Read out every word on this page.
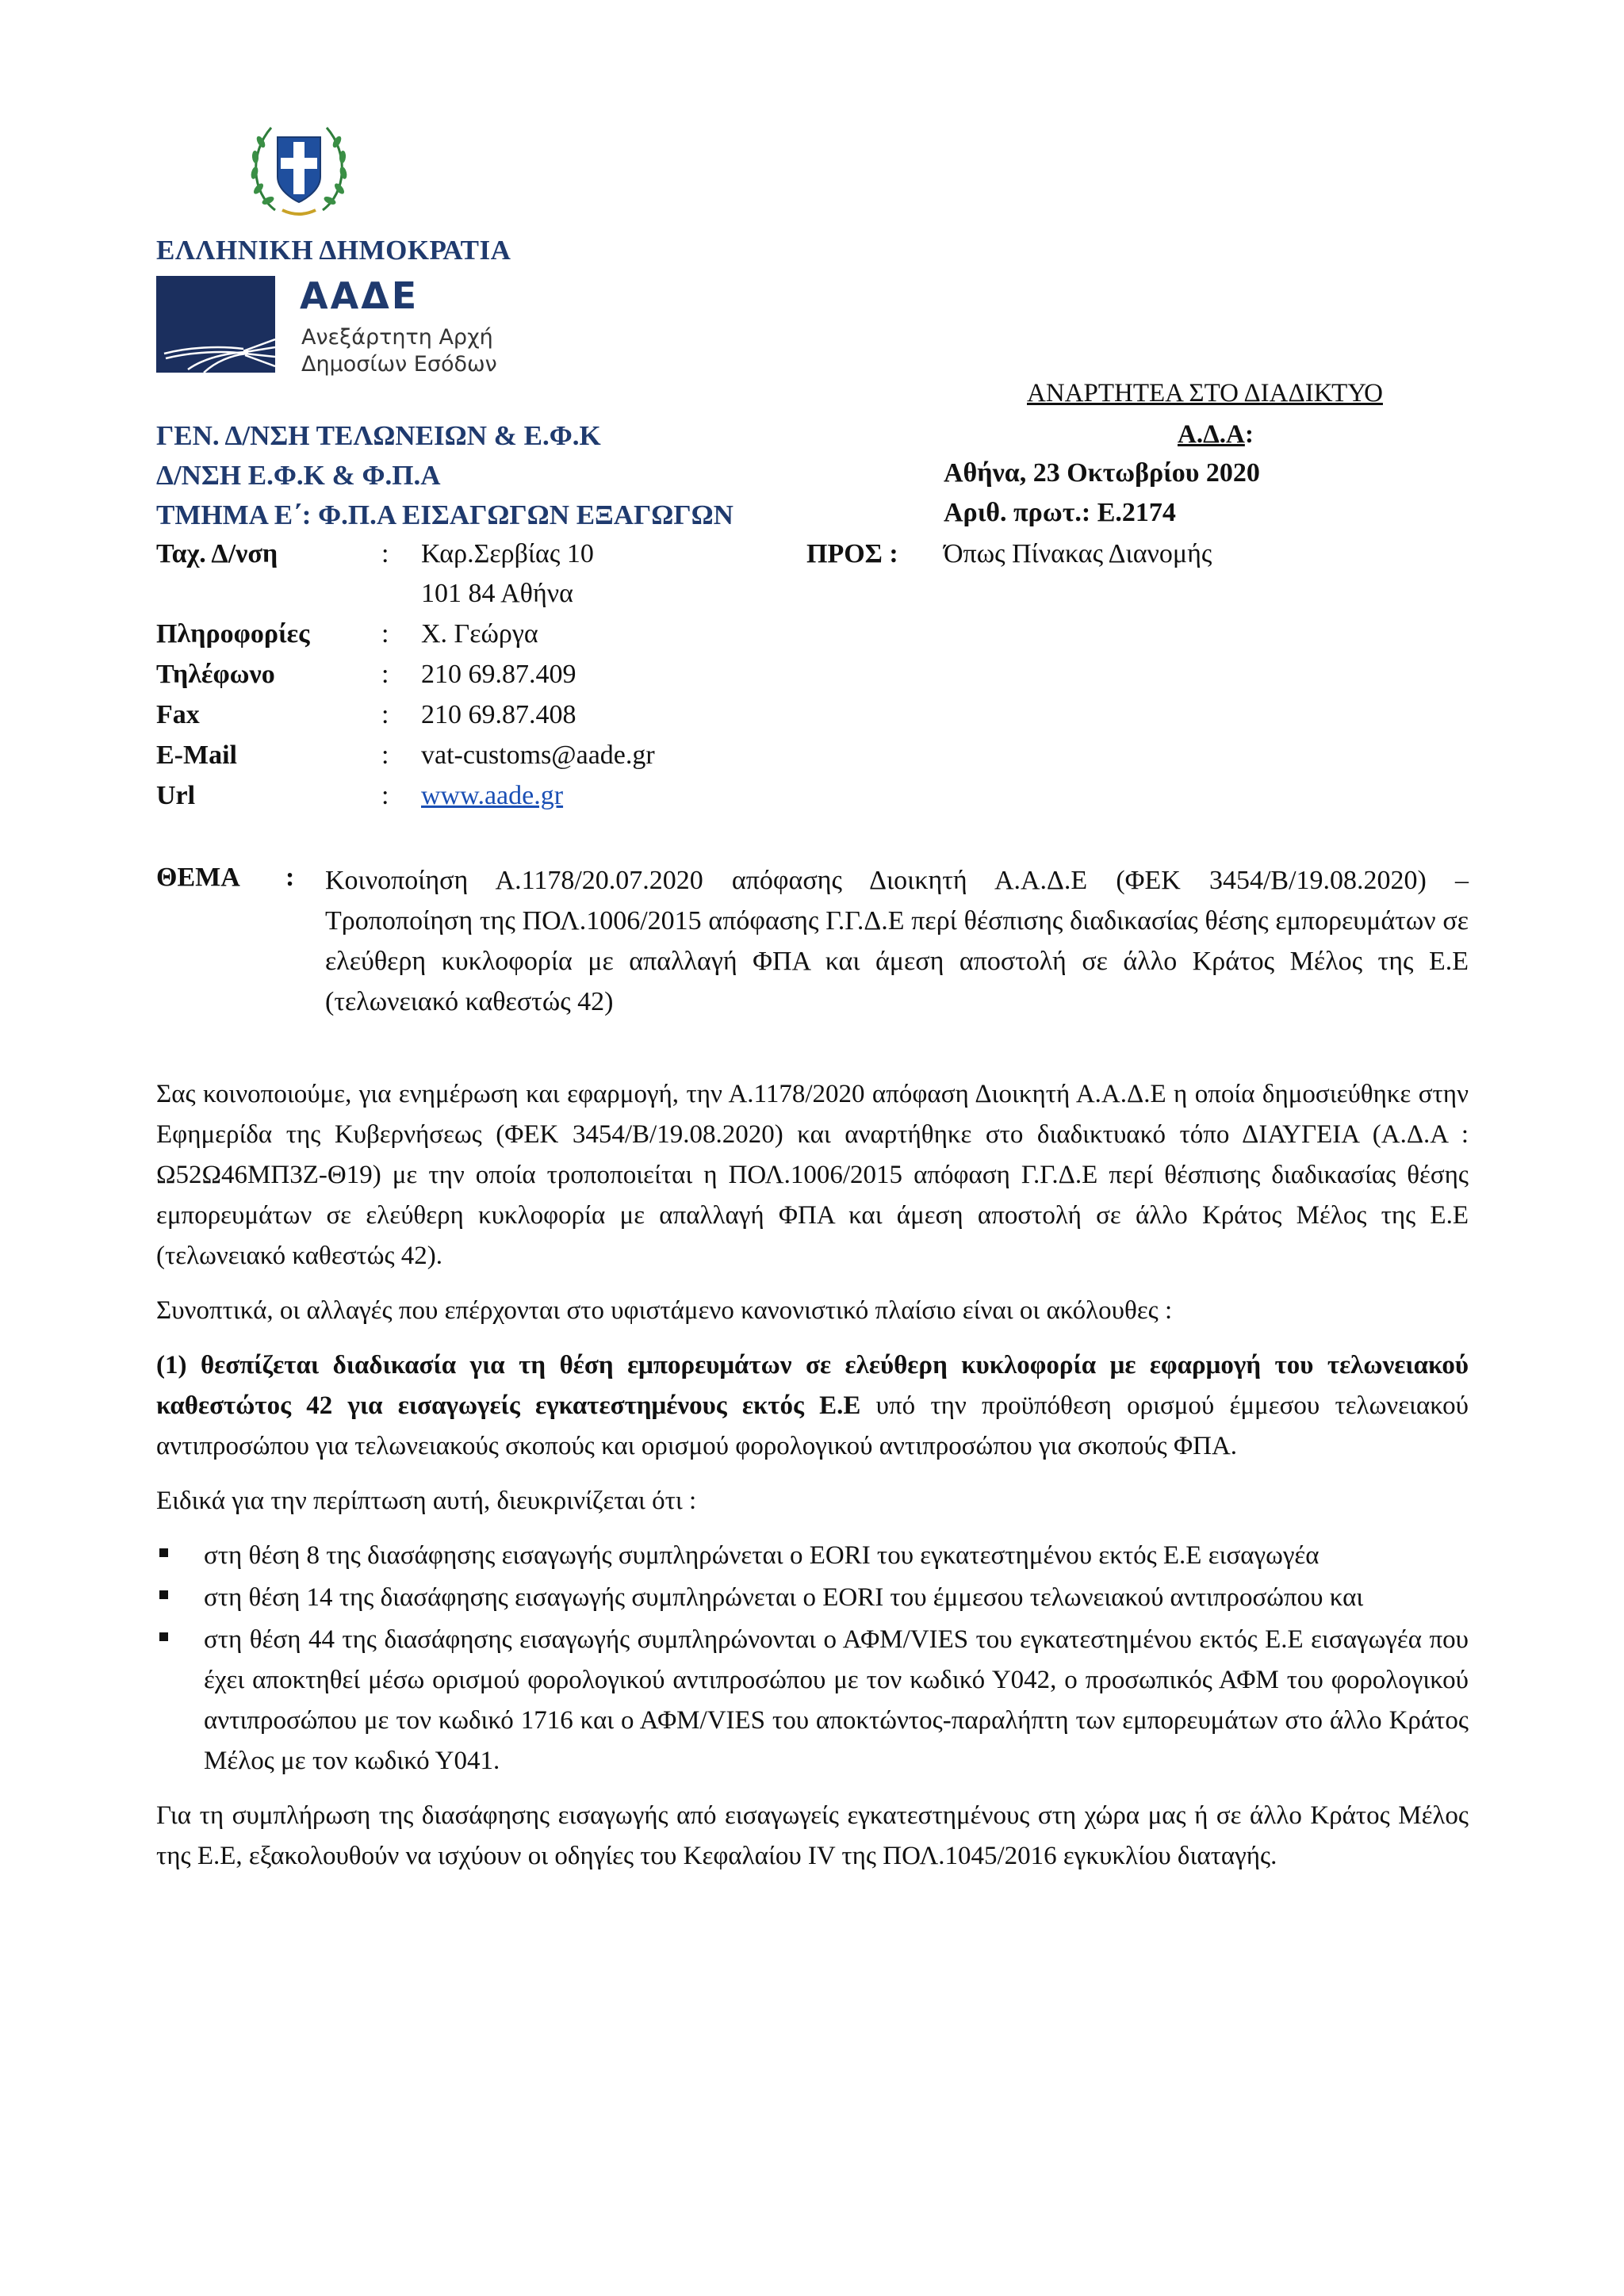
ΕΛΛΗΝΙΚΗ ΔΗΜΟΚΡΑΤΙΑ
ΑΑΔΕ
Ανεξάρτητη Αρχή
Δημοσίων Εσόδων
ΓΕΝ. Δ/ΝΣΗ ΤΕΛΩΝΕΙΩΝ & Ε.Φ.Κ
Δ/ΝΣΗ Ε.Φ.Κ & Φ.Π.Α
ΤΜΗΜΑ Ε΄: Φ.Π.Α ΕΙΣΑΓΩΓΩΝ ΕΞΑΓΩΓΩΝ
ΑΝΑΡΤΗΤΕΑ ΣΤΟ ΔΙΑΔΙΚΤΥΟ
Α.Δ.Α :
Αθήνα, 23 Οκτωβρίου 2020
Αριθ. πρωτ.: Ε.2174
ΠΡΟΣ : Όπως Πίνακας Διανομής
Ταχ. Δ/νση	: Καρ.Σερβίας 10
101 84 Αθήνα
Πληροφορίες	: Χ. Γεώργα
Τηλέφωνο	: 210 69.87.409
Fax	: 210 69.87.408
E-Mail	: vat-customs@aade.gr
Url	: www.aade.gr
ΘΕΜΑ : Κοινοποίηση Α.1178/20.07.2020 απόφασης Διοικητή Α.Α.Δ.Ε (ΦΕΚ 3454/Β/19.08.2020) – Τροποποίηση της ΠΟΛ.1006/2015 απόφασης Γ.Γ.Δ.Ε περί θέσπισης διαδικασίας θέσης εμπορευμάτων σε ελεύθερη κυκλοφορία με απαλλαγή ΦΠΑ και άμεση αποστολή σε άλλο Κράτος Μέλος της Ε.Ε (τελωνειακό καθεστώς 42)

Σας κοινοποιούμε, για ενημέρωση και εφαρμογή, την Α.1178/2020 απόφαση Διοικητή Α.Α.Δ.Ε η οποία δημοσιεύθηκε στην Εφημερίδα της Κυβερνήσεως (ΦΕΚ 3454/Β/19.08.2020) και αναρτήθηκε στο διαδικτυακό τόπο ΔΙΑΥΓΕΙΑ (Α.Δ.Α : Ω52Ω46ΜΠ3Ζ-Θ19) με την οποία τροποποιείται η ΠΟΛ.1006/2015 απόφαση Γ.Γ.Δ.Ε περί θέσπισης διαδικασίας θέσης εμπορευμάτων σε ελεύθερη κυκλοφορία με απαλλαγή ΦΠΑ και άμεση αποστολή σε άλλο Κράτος Μέλος της Ε.Ε (τελωνειακό καθεστώς 42).

Συνοπτικά, οι αλλαγές που επέρχονται στο υφιστάμενο κανονιστικό πλαίσιο είναι οι ακόλουθες :

(1) θεσπίζεται διαδικασία για τη θέση εμπορευμάτων σε ελεύθερη κυκλοφορία με εφαρμογή του τελωνειακού καθεστώτος 42 για εισαγωγείς εγκατεστημένους εκτός Ε.Ε υπό την προϋπόθεση ορισμού έμμεσου τελωνειακού αντιπροσώπου για τελωνειακούς σκοπούς και ορισμού φορολογικού αντιπροσώπου για σκοπούς ΦΠΑ.

Ειδικά για την περίπτωση αυτή, διευκρινίζεται ότι :

στη θέση 8 της διασάφησης εισαγωγής συμπληρώνεται ο EORI του εγκατεστημένου εκτός Ε.Ε εισαγωγέα
στη θέση 14 της διασάφησης εισαγωγής συμπληρώνεται ο EORI του έμμεσου τελωνειακού αντιπροσώπου και
στη θέση 44 της διασάφησης εισαγωγής συμπληρώνονται ο ΑΦΜ/VIES του εγκατεστημένου εκτός Ε.Ε εισαγωγέα που έχει αποκτηθεί μέσω ορισμού φορολογικού αντιπροσώπου με τον κωδικό Υ042, ο προσωπικός ΑΦΜ του φορολογικού αντιπροσώπου με τον κωδικό 1716 και ο ΑΦΜ/VIES του αποκτώντος-παραλήπτη των εμπορευμάτων στο άλλο Κράτος Μέλος με τον κωδικό Υ041.

Για τη συμπλήρωση της διασάφησης εισαγωγής από εισαγωγείς εγκατεστημένους στη χώρα μας ή σε άλλο Κράτος Μέλος της Ε.Ε, εξακολουθούν να ισχύουν οι οδηγίες του Κεφαλαίου IV της ΠΟΛ.1045/2016 εγκυκλίου διαταγής.
